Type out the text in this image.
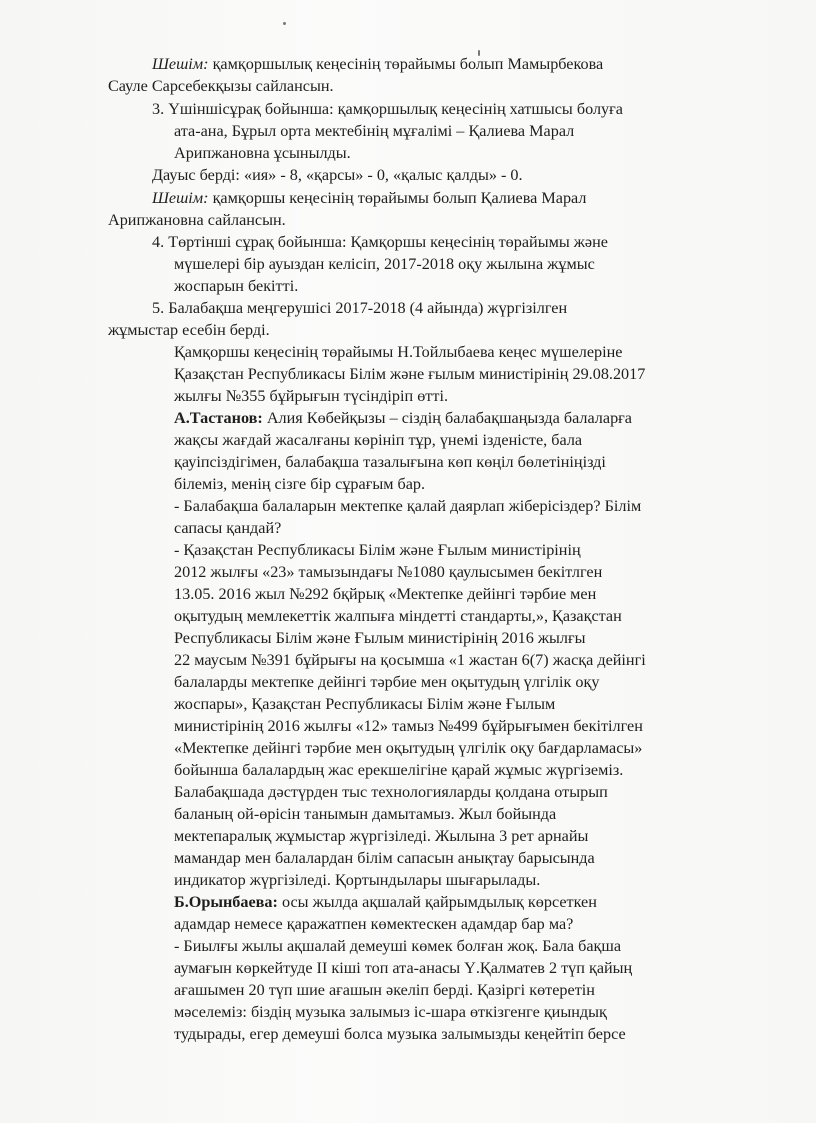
Шешім: қамқоршылық кеңесінің төрайымы болып Мамырбекова
Сауле Сарсебекқызы сайлансын.
3. Үшіншісұрақ бойынша: қамқоршылық кеңесінің хатшысы болуға
ата-ана, Бұрыл орта мектебінің мұғалімі – Қалиева Марал
Арипжановна ұсынылды.
Дауыс берді: «ия» - 8, «қарсы» - 0, «қалыс қалды» - 0.
Шешім: қамқоршы кеңесінің төрайымы болып Қалиева Марал
Арипжановна сайлансын.
4. Төртінші сұрақ бойынша: Қамқоршы кеңесінің төрайымы және
мүшелері бір ауыздан келісіп, 2017-2018 оқу жылына жұмыс
жоспарын бекітті.
5. Балабақша меңгерушісі 2017-2018 (4 айында) жүргізілген
жұмыстар есебін берді.
Қамқоршы кеңесінің төрайымы Н.Тойлыбаева кеңес мүшелеріне
Қазақстан Республикасы Білім және ғылым министірінің 29.08.2017
жылғы №355 бұйрығын түсіндіріп өтті.
А.Тастанов: Алия Көбейқызы – сіздің балабақшаңызда балаларға
жақсы жағдай жасалғаны көрініп тұр, үнемі ізденісте, бала
қауіпсіздігімен, балабақша тазалығына көп көңіл бөлетініңізді
білеміз, менің сізге бір сұрағым бар.
- Балабақша балаларын мектепке қалай даярлап жіберісіздер? Білім
сапасы қандай?
- Қазақстан Республикасы Білім және Ғылым министірінің
2012 жылғы «23» тамызындағы №1080 қаулысымен бекітлген
13.05. 2016 жыл №292 бқйрық «Мектепке дейінгі тәрбие мен
оқытудың мемлекеттік жалпыға міндетті стандарты,», Қазақстан
Республикасы Білім және Ғылым министірінің 2016 жылғы
22 маусым №391 бұйрығы на қосымша «1 жастан 6(7) жасқа дейінгі
балаларды мектепке дейінгі тәрбие мен оқытудың үлгілік оқу
жоспары», Қазақстан Республикасы Білім және Ғылым
министірінің 2016 жылғы «12» тамыз №499 бұйрығымен бекітілген
«Мектепке дейінгі тәрбие мен оқытудың үлгілік оқу бағдарламасы»
бойынша балалардың жас ерекшелігіне қарай жұмыс жүргіземіз.
Балабақшада дәстүрден тыс технологияларды қолдана отырып
баланың ой-өрісін танымын дамытамыз. Жыл бойында
мектепаралық жұмыстар жүргізіледі. Жылына 3 рет арнайы
мамандар мен балалардан білім сапасын анықтау барысында
индикатор жүргізіледі. Қортындылары шығарылады.
Б.Орынбаева: осы жылда ақшалай қайрымдылық көрсеткен
адамдар немесе қаражатпен көмектескен адамдар бар ма?
- Биылғы жылы ақшалай демеуші көмек болған жоқ. Бала бақша
аумағын көркейтуде ІІ кіші топ ата-анасы Ү.Қалматев 2 түп қайың
ағашымен 20 түп шие ағашын әкеліп берді. Қазіргі көтеретін
мәселеміз: біздің музыка залымыз іс-шара өткізгенге қиындық
тудырады, егер демеуші болса музыка залымызды кеңейтіп берсе
